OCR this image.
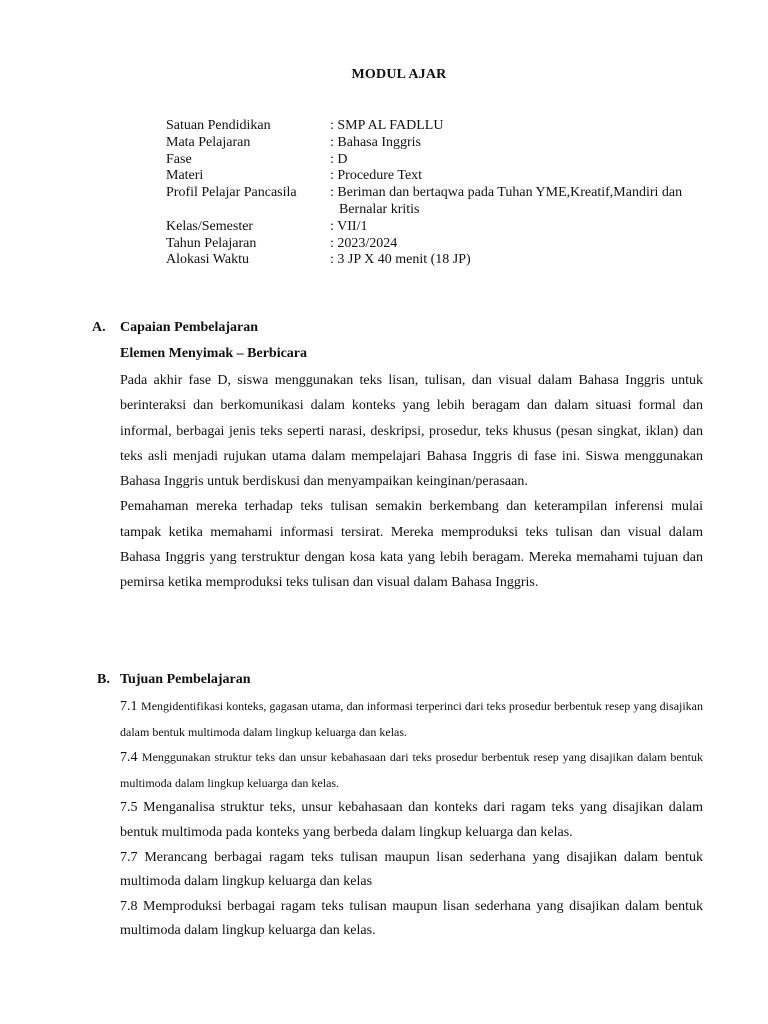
MODUL AJAR
Satuan Pendidikan	: SMP AL FADLLU
Mata Pelajaran	: Bahasa Inggris
Fase	: D
Materi	: Procedure Text
Profil Pelajar Pancasila	: Beriman dan bertaqwa pada Tuhan YME,Kreatif,Mandiri dan Bernalar kritis
Kelas/Semester	: VII/1
Tahun Pelajaran	: 2023/2024
Alokasi Waktu	: 3 JP X 40 menit (18 JP)
A. Capaian Pembelajaran
Elemen Menyimak – Berbicara

Pada akhir fase D, siswa menggunakan teks lisan, tulisan, dan visual dalam Bahasa Inggris untuk berinteraksi dan berkomunikasi dalam konteks yang lebih beragam dan dalam situasi formal dan informal, berbagai jenis teks seperti narasi, deskripsi, prosedur, teks khusus (pesan singkat, iklan) dan teks asli menjadi rujukan utama dalam mempelajari Bahasa Inggris di fase ini. Siswa menggunakan Bahasa Inggris untuk berdiskusi dan menyampaikan keinginan/perasaan.

Pemahaman mereka terhadap teks tulisan semakin berkembang dan keterampilan inferensi mulai tampak ketika memahami informasi tersirat. Mereka memproduksi teks tulisan dan visual dalam Bahasa Inggris yang terstruktur dengan kosa kata yang lebih beragam. Mereka memahami tujuan dan pemirsa ketika memproduksi teks tulisan dan visual dalam Bahasa Inggris.

B. Tujuan Pembelajaran

7.1 Mengidentifikasi konteks, gagasan utama, dan informasi terperinci dari teks prosedur berbentuk resep yang disajikan dalam bentuk multimoda dalam lingkup keluarga dan kelas.

7.4 Menggunakan struktur teks dan unsur kebahasaan dari teks prosedur berbentuk resep yang disajikan dalam bentuk multimoda dalam lingkup keluarga dan kelas.

7.5 Menganalisa struktur teks, unsur kebahasaan dan konteks dari ragam teks yang disajikan dalam bentuk multimoda pada konteks yang berbeda dalam lingkup keluarga dan kelas.

7.7 Merancang berbagai ragam teks tulisan maupun lisan sederhana yang disajikan dalam bentuk multimoda dalam lingkup keluarga dan kelas

7.8 Memproduksi berbagai ragam teks tulisan maupun lisan sederhana yang disajikan dalam bentuk multimoda dalam lingkup keluarga dan kelas.
